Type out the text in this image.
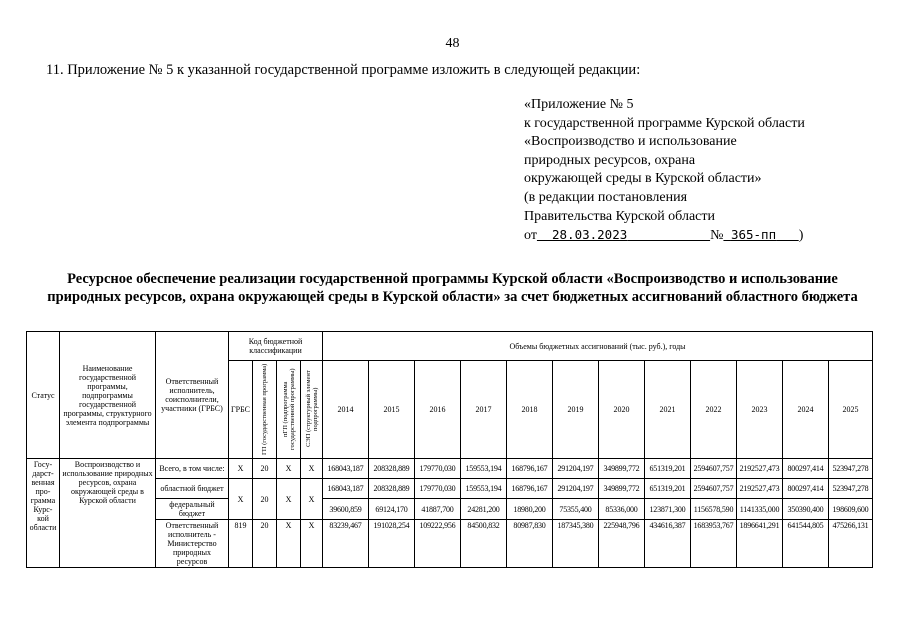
48
11. Приложение № 5 к указанной государственной программе изложить в следующей редакции:
«Приложение № 5
к государственной программе Курской области
«Воспроизводство и использование
природных ресурсов, охрана
окружающей среды в Курской области»
(в редакции постановления
Правительства Курской области
от 28.03.2023	№ 365-пп )
Ресурсное обеспечение реализации государственной программы Курской области «Воспроизводство и использование природных ресурсов, охрана окружающей среды в Курской области» за счет бюджетных ассигнований областного бюджета
Статус	Наименование государственной программы, подпрограммы государственной программы, структурного элемента подпрограммы	Ответственный исполнитель, соисполнители, участники (ГРБС)	Код бюджетной классификации				Объемы бюджетных ассигнований (тыс. руб.), годы											
			ГРБС	ГП (государственная программа)	пГП (подпрограмма государственной программы)	СЭП (структурный элемент подпрограммы)	2014	2015	2016	2017	2018	2019	2020	2021	2022	2023	2024	2025
Госу-дарст-венная про-грамма Курс-кой области	Воспроизводство и использование природных ресурсов, охрана окружающей среды в Курской области	Всего, в том числе:	X	20	X	X	168043,187	208328,889	179770,030	159553,194	168796,167	291204,197	349899,772	651319,201	2594607,757	2192527,473	800297,414	523947,278
		областной бюджет	X	20	X	X	168043,187	208328,889	179770,030	159553,194	168796,167	291204,197	349899,772	651319,201	2594607,757	2192527,473	800297,414	523947,278
		федеральный бюджет					39600,859	69124,170	41887,700	24281,200	18980,200	75355,400	85336,000	123871,300	1156578,590	1141335,000	350390,400	198609,600
		Ответственный исполнитель - Министерство природных ресурсов	819	20	X	X	83239,467	191028,254	109222,956	84500,832	80987,830	187345,380	225948,796	434616,387	1683953,767	1896641,291	641544,805	475266,131
